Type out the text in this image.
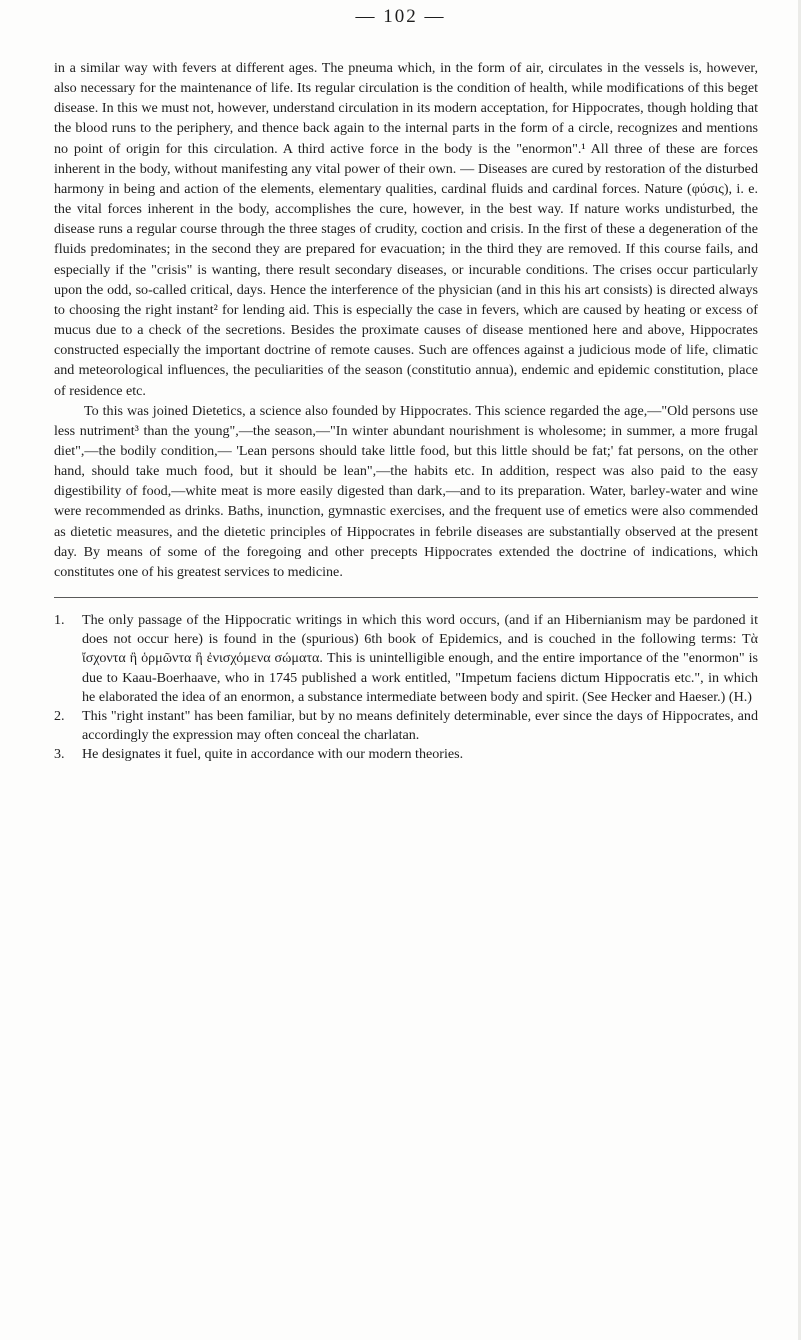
— 102 —

in a similar way with fevers at different ages. The pneuma which, in the form of air, circulates in the vessels is, however, also necessary for the maintenance of life. Its regular circulation is the condition of health, while modifications of this beget disease. In this we must not, however, understand circulation in its modern acceptation, for Hippocrates, though holding that the blood runs to the periphery, and thence back again to the internal parts in the form of a circle, recognizes and mentions no point of origin for this circulation. A third active force in the body is the "enormon".¹ All three of these are forces inherent in the body, without manifesting any vital power of their own. — Diseases are cured by restoration of the disturbed harmony in being and action of the elements, elementary qualities, cardinal fluids and cardinal forces. Nature (φύσις), i. e. the vital forces inherent in the body, accomplishes the cure, however, in the best way. If nature works undisturbed, the disease runs a regular course through the three stages of crudity, coction and crisis. In the first of these a degeneration of the fluids predominates; in the second they are prepared for evacuation; in the third they are removed. If this course fails, and especially if the "crisis" is wanting, there result secondary diseases, or incurable conditions. The crises occur particularly upon the odd, so-called critical, days. Hence the interference of the physician (and in this his art consists) is directed always to choosing the right instant² for lending aid. This is especially the case in fevers, which are caused by heating or excess of mucus due to a check of the secretions. Besides the proximate causes of disease mentioned here and above, Hippocrates constructed especially the important doctrine of remote causes. Such are offences against a judicious mode of life, climatic and meteorological influences, the peculiarities of the season (constitutio annua), endemic and epidemic constitution, place of residence etc.

To this was joined Dietetics, a science also founded by Hippocrates. This science regarded the age,—"Old persons use less nutriment³ than the young",—the season,—"In winter abundant nourishment is wholesome; in summer, a more frugal diet",—the bodily condition,— 'Lean persons should take little food, but this little should be fat;' fat persons, on the other hand, should take much food, but it should be lean",—the habits etc. In addition, respect was also paid to the easy digestibility of food,—white meat is more easily digested than dark,—and to its preparation. Water, barley-water and wine were recommended as drinks. Baths, inunction, gymnastic exercises, and the frequent use of emetics were also commended as dietetic measures, and the dietetic principles of Hippocrates in febrile diseases are substantially observed at the present day. By means of some of the foregoing and other precepts Hippocrates extended the doctrine of indications, which constitutes one of his greatest services to medicine.

1. The only passage of the Hippocratic writings in which this word occurs, (and if an Hibernianism may be pardoned it does not occur here) is found in the (spurious) 6th book of Epidemics, and is couched in the following terms: Τὰ ἴσχοντα ἢ ὁρμῶντα ἢ ἐνισχόμενα σώματα. This is unintelligible enough, and the entire importance of the "enormon" is due to Kaau-Boerhaave, who in 1745 published a work entitled, "Impetum faciens dictum Hippocratis etc.", in which he elaborated the idea of an enormon, a substance intermediate between body and spirit. (See Hecker and Haeser.) (H.)
2. This "right instant" has been familiar, but by no means definitely determinable, ever since the days of Hippocrates, and accordingly the expression may often conceal the charlatan.
3. He designates it fuel, quite in accordance with our modern theories.
